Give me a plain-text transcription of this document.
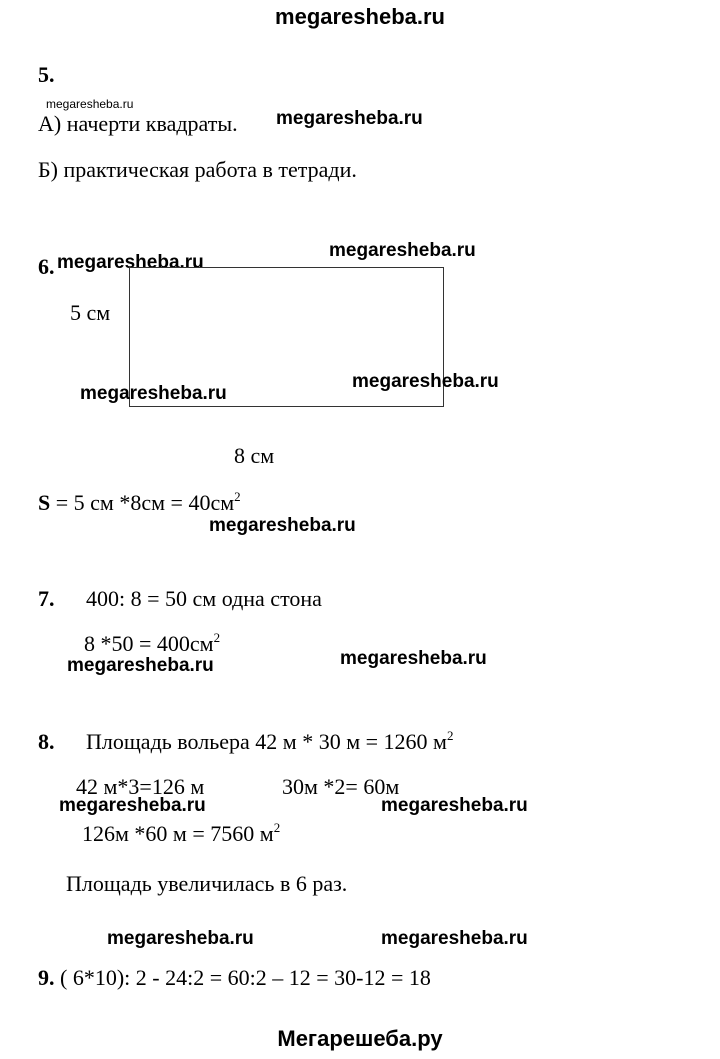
megaresheba.ru
5.
megaresheba.ru
А) начерти квадраты. megaresheba.ru
Б) практическая работа в тетради.
megaresheba.ru
6. megaresheba.ru
5 см
megaresheba.ru
megaresheba.ru
8 см
S = 5 см $*8см = 40см^2$
megaresheba.ru
7. 400: 8 = 50 см одна стона
8 $*50 = 400см^2$
megaresheba.ru	megaresheba.ru
8. Площадь вольера 42 м * 30 м = 1260 $м^2$
42 м*3=126 м	30м *2= 60м
megaresheba.ru	megaresheba.ru
126м *60 м = 7560 $м^2$
Площадь увеличилась в 6 раз.
megaresheba.ru	megaresheba.ru
9. ( 6*10): 2 - 24:2 = 60:2 – 12 = 30-12 = 18
Мегарешеба.ру
